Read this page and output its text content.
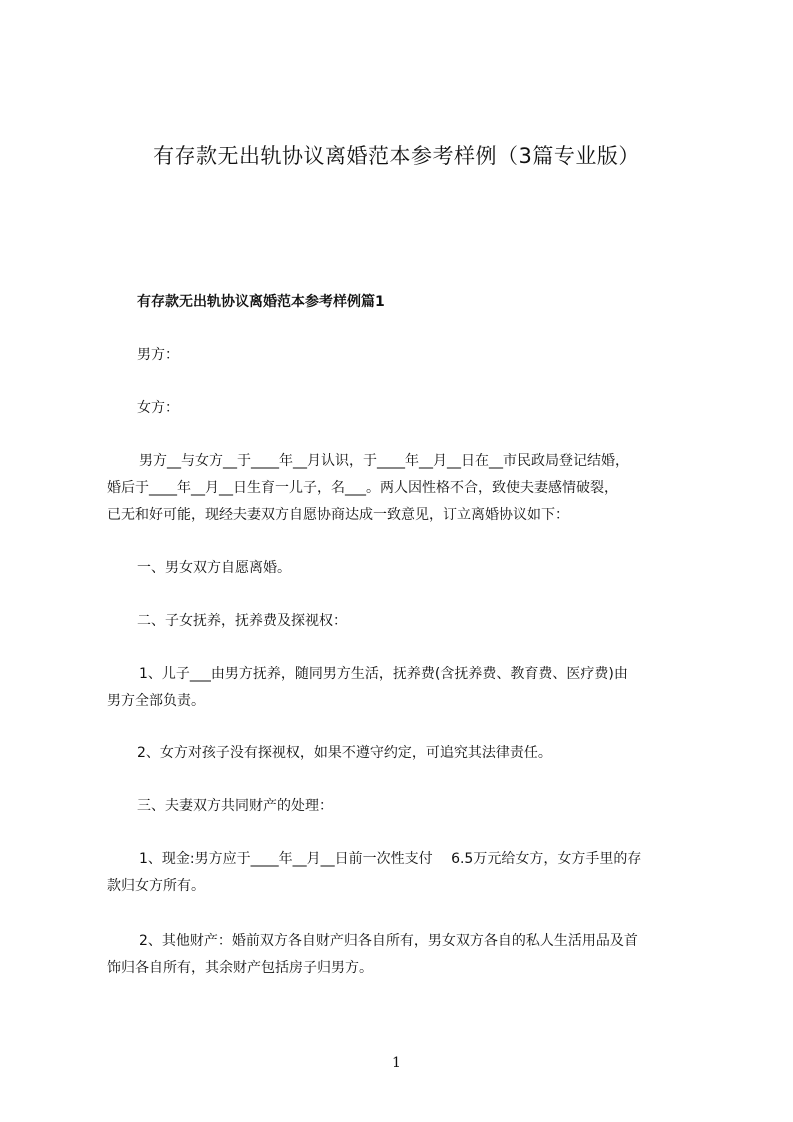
有存款无出轨协议离婚范本参考样例（3篇专业版）
有存款无出轨协议离婚范本参考样例篇1
男方：
女方：
男方__与女方__于____年__月认识，于____年__月__日在__市民政局登记结婚，
婚后于____年__月__日生育一儿子，名___。两人因性格不合，致使夫妻感情破裂，
已无和好可能，现经夫妻双方自愿协商达成一致意见，订立离婚协议如下：
一、男女双方自愿离婚。
二、子女抚养，抚养费及探视权：
1、儿子___由男方抚养，随同男方生活，抚养费(含抚养费、教育费、医疗费)由
男方全部负责。
2、女方对孩子没有探视权，如果不遵守约定，可追究其法律责任。
三、夫妻双方共同财产的处理：
1、现金:男方应于____年__月__日前一次性支付　 6.5万元给女方，女方手里的存
款归女方所有。
2、其他财产：婚前双方各自财产归各自所有，男女双方各自的私人生活用品及首
饰归各自所有，其余财产包括房子归男方。
1
